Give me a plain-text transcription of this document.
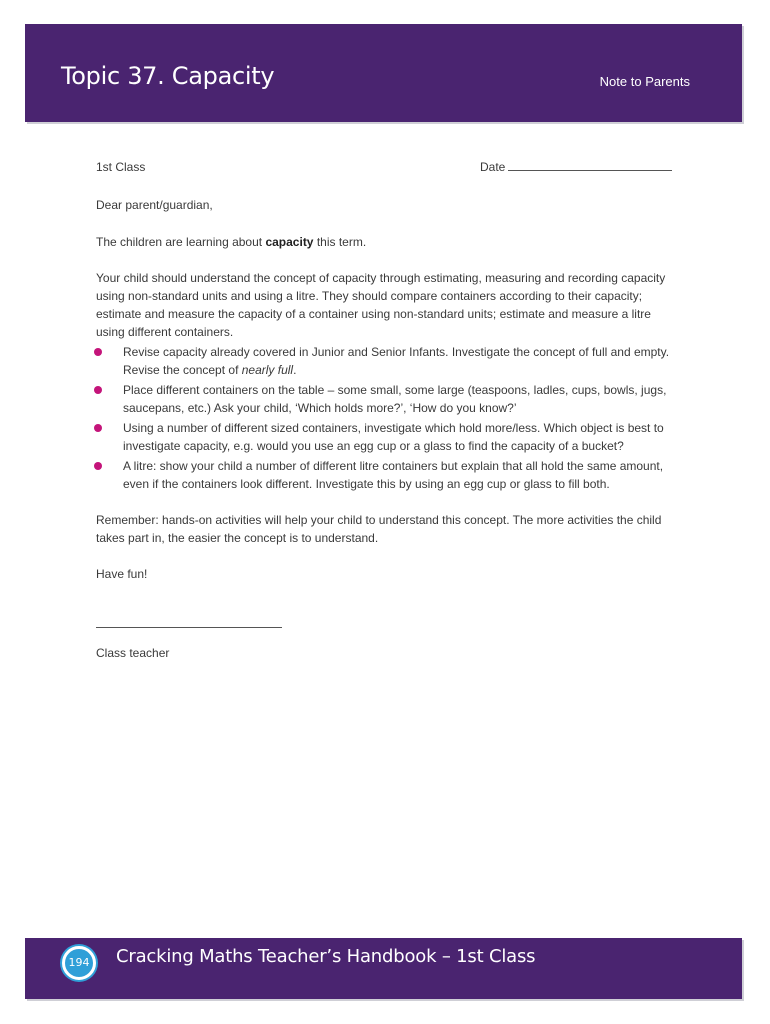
Topic 37. Capacity	Note to Parents
1st Class	Date

Dear parent/guardian,

The children are learning about capacity this term.

Your child should understand the concept of capacity through estimating, measuring and recording capacity using non-standard units and using a litre. They should compare containers according to their capacity; estimate and measure the capacity of a container using non-standard units; estimate and measure a litre using different containers.

Revise capacity already covered in Junior and Senior Infants. Investigate the concept of full and empty. Revise the concept of nearly full.
Place different containers on the table – some small, some large (teaspoons, ladles, cups, bowls, jugs, saucepans, etc.) Ask your child, ‘Which holds more?’, ‘How do you know?’
Using a number of different sized containers, investigate which hold more/less. Which object is best to investigate capacity, e.g. would you use an egg cup or a glass to find the capacity of a bucket?
A litre: show your child a number of different litre containers but explain that all hold the same amount, even if the containers look different. Investigate this by using an egg cup or glass to fill both.

Remember: hands-on activities will help your child to understand this concept. The more activities the child takes part in, the easier the concept is to understand.

Have fun!

Class teacher

194	Cracking Maths Teacher’s Handbook – 1st Class
